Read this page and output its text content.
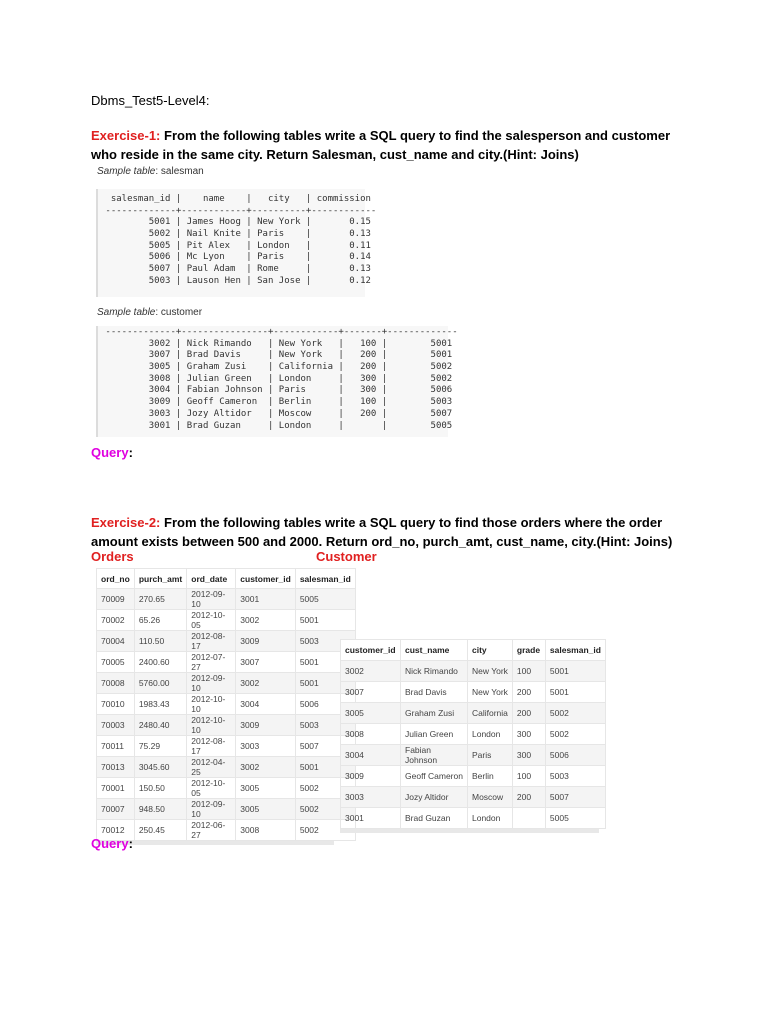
Dbms_Test5-Level4:
Exercise-1: From the following tables write a SQL query to find the salesperson and customer
who reside in the same city. Return Salesman, cust_name and city.(Hint: Joins)
Sample table: salesman
salesman_id |    name    |   city   | commission
-------------+------------+----------+------------
5001 | James Hoog | New York |       0.15
5002 | Nail Knite | Paris    |       0.13
5005 | Pit Alex   | London   |       0.11
5006 | Mc Lyon    | Paris    |       0.14
5007 | Paul Adam  | Rome     |       0.13
5003 | Lauson Hen | San Jose |       0.12
Sample table: customer
-------------+----------------+------------+-------+-------------
3002 | Nick Rimando   | New York   |   100 |        5001
3007 | Brad Davis     | New York   |   200 |        5001
3005 | Graham Zusi    | California |   200 |        5002
3008 | Julian Green   | London     |   300 |        5002
3004 | Fabian Johnson | Paris      |   300 |        5006
3009 | Geoff Cameron  | Berlin     |   100 |        5003
3003 | Jozy Altidor   | Moscow     |   200 |        5007
3001 | Brad Guzan     | London     |       |        5005
Query:
Exercise-2: From the following tables write a SQL query to find those orders where the order
amount exists between 500 and 2000. Return ord_no, purch_amt, cust_name, city.(Hint: Joins)
Orders	Customer
ord_no	purch_amt	ord_date	customer_id	salesman_id
70009	270.65	2012-09-10	3001	5005
70002	65.26	2012-10-05	3002	5001
70004	110.50	2012-08-17	3009	5003
70005	2400.60	2012-07-27	3007	5001
70008	5760.00	2012-09-10	3002	5001
70010	1983.43	2012-10-10	3004	5006
70003	2480.40	2012-10-10	3009	5003
70011	75.29	2012-08-17	3003	5007
70013	3045.60	2012-04-25	3002	5001
70001	150.50	2012-10-05	3005	5002
70007	948.50	2012-09-10	3005	5002
70012	250.45	2012-06-27	3008	5002
customer_id	cust_name	city	grade	salesman_id
3002	Nick Rimando	New York	100	5001
3007	Brad Davis	New York	200	5001
3005	Graham Zusi	California	200	5002
3008	Julian Green	London	300	5002
3004	Fabian Johnson	Paris	300	5006
3009	Geoff Cameron	Berlin	100	5003
3003	Jozy Altidor	Moscow	200	5007
3001	Brad Guzan	London		5005
Query:
